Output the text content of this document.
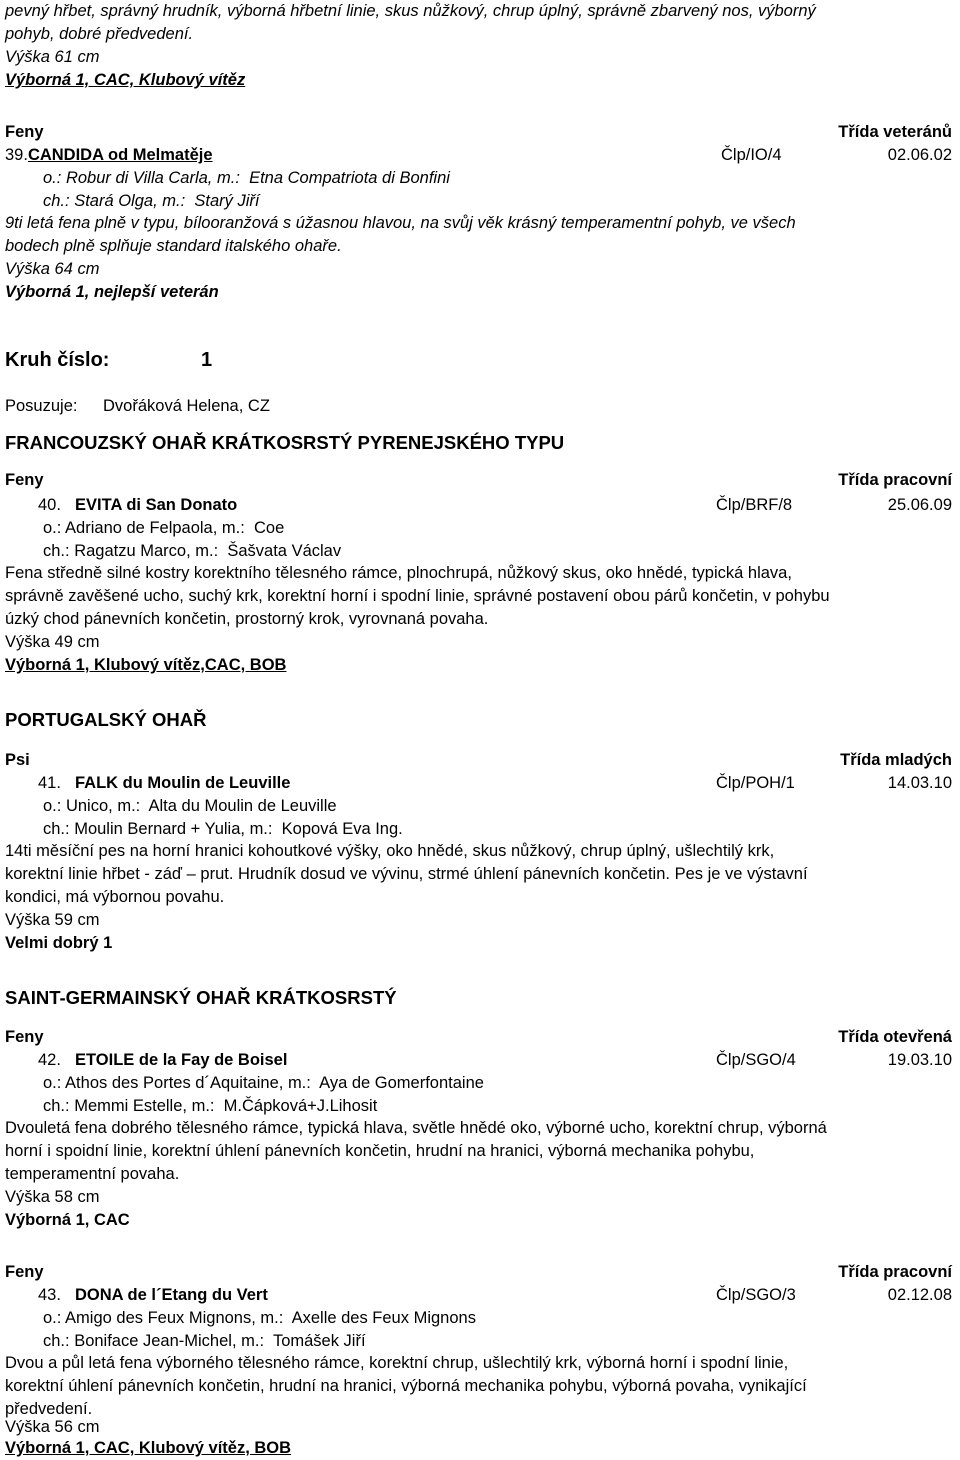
pevný hřbet, správný hrudník, výborná hřbetní linie, skus nůžkový, chrup úplný, správně zbarvený nos, výborný
pohyb, dobré předvedení.
Výška 61 cm
Výborná 1, CAC, Klubový vítěz
Feny	Třída veteránů
39.CANDIDA od Melmatěje	Člp/IO/4	02.06.02
o.: Robur di Villa Carla, m.: Etna Compatriota di Bonfini
ch.: Stará Olga, m.: Starý Jiří
9ti letá fena plně v typu, bílooranžová s úžasnou hlavou, na svůj věk krásný temperamentní pohyb, ve všech
bodech plně splňuje standard italského ohaře.
Výška 64 cm
Výborná 1, nejlepší veterán
Kruh číslo:	1
Posuzuje: Dvořáková Helena, CZ
FRANCOUZSKÝ OHAŘ KRÁTKOSRSTÝ PYRENEJSKÉHO TYPU
Feny	Třída pracovní
40. EVITA di San Donato	Člp/BRF/8	25.06.09
o.: Adriano de Felpaola, m.: Coe
ch.: Ragatzu Marco, m.: Šašvata Václav
Fena středně silné kostry korektního tělesného rámce, plnochrupá, nůžkový skus, oko hnědé, typická hlava,
správně zavěšené ucho, suchý krk, korektní horní i spodní linie, správné postavení obou párů končetin, v pohybu
úzký chod pánevních končetin, prostorný krok, vyrovnaná povaha.
Výška 49 cm
Výborná 1, Klubový vítěz,CAC, BOB
PORTUGALSKÝ OHAŘ
Psi	Třída mladých
41. FALK du Moulin de Leuville	Člp/POH/1	14.03.10
o.: Unico, m.: Alta du Moulin de Leuville
ch.: Moulin Bernard + Yulia, m.: Kopová Eva Ing.
14ti měsíční pes na horní hranici kohoutkové výšky, oko hnědé, skus nůžkový, chrup úplný, ušlechtilý krk,
korektní linie hřbet - záď – prut. Hrudník dosud ve vývinu, strmé úhlení pánevních končetin. Pes je ve výstavní
kondici, má výbornou povahu.
Výška 59 cm
Velmi dobrý 1
SAINT-GERMAINSKÝ OHAŘ KRÁTKOSRSTÝ
Feny	Třída otevřená
42. ETOILE de la Fay de Boisel	Člp/SGO/4	19.03.10
o.: Athos des Portes d´Aquitaine, m.: Aya de Gomerfontaine
ch.: Memmi Estelle, m.: M.Čápková+J.Lihosit
Dvouletá fena dobrého tělesného rámce, typická hlava, světle hnědé oko, výborné ucho, korektní chrup, výborná
horní i spoidní linie, korektní úhlení pánevních končetin, hrudní na hranici, výborná mechanika pohybu,
temperamentní povaha.
Výška 58 cm
Výborná 1, CAC
Feny	Třída pracovní
43. DONA de l´Etang du Vert	Člp/SGO/3	02.12.08
o.: Amigo des Feux Mignons, m.: Axelle des Feux Mignons
ch.: Boniface Jean-Michel, m.: Tomášek Jiří
Dvou a půl letá fena výborného tělesného rámce, korektní chrup, ušlechtilý krk, výborná horní i spodní linie,
korektní úhlení pánevních končetin, hrudní na hranici, výborná mechanika pohybu, výborná povaha, vynikající
předvedení.
Výška 56 cm
Výborná 1, CAC, Klubový vítěz, BOB
